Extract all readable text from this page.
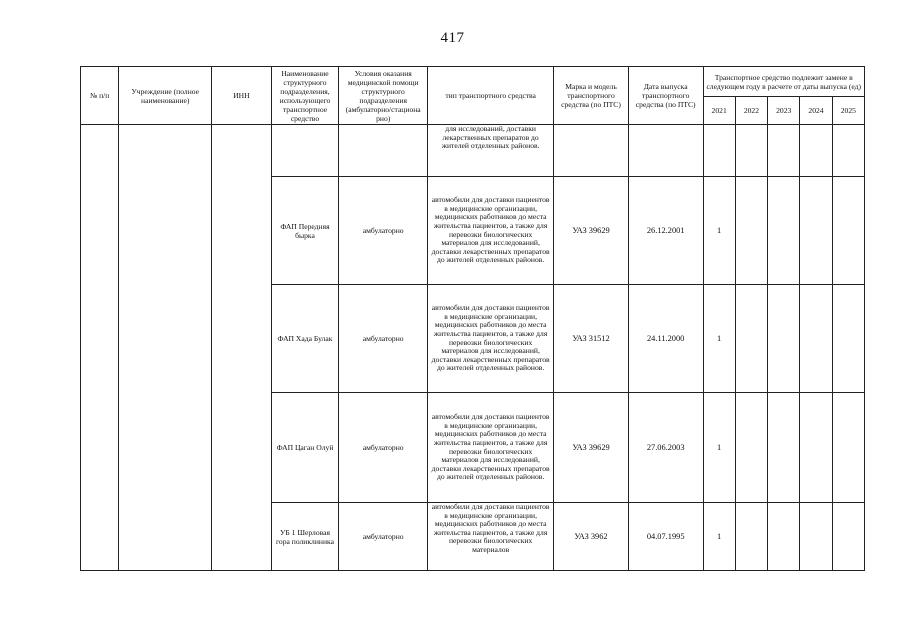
417
№ п/п	Учреждение (полное наименование)	ИНН	Наименование структурного подразделения, использующего транспортное средство	Условия оказания медицинской помощи структурного подразделения (амбулаторно/стациона рно)	тип транспортного средства	Марка и модель транспортного средства (по ПТС)	Дата выпуска транспортного средства (по ПТС)	Транспортное средство подлежит замене в следующем году в расчете от даты выпуска (ед)				
								2021	2022	2023	2024	2025
					для исследований, доставки лекарственных препаратов до жителей отделенных районов.							
			ФАП Передняя бырка	амбулаторно	автомобили для доставки пациентов в медицинские организации, медицинских работников до места жительства пациентов, а также для перевозки биологических материалов для исследований, доставки лекарственных препаратов до жителей отделенных районов.	УАЗ 39629	26.12.2001	1				
			ФАП Хада Булак	амбулаторно	автомобили для доставки пациентов в медицинские организации, медицинских работников до места жительства пациентов, а также для перевозки биологических материалов для исследований, доставки лекарственных препаратов до жителей отделенных районов.	УАЗ 31512	24.11.2000	1				
			ФАП Цаган Олуй	амбулаторно	автомобили для доставки пациентов в медицинские организации, медицинских работников до места жительства пациентов, а также для перевозки биологических материалов для исследований, доставки лекарственных препаратов до жителей отделенных районов.	УАЗ 39629	27.06.2003	1				
			УБ 1 Шерловая гора поликлиника	амбулаторно	автомобили для доставки пациентов в медицинские организации, медицинских работников до места жительства пациентов, а также для перевозки биологических материалов	УАЗ 3962	04.07.1995	1				
